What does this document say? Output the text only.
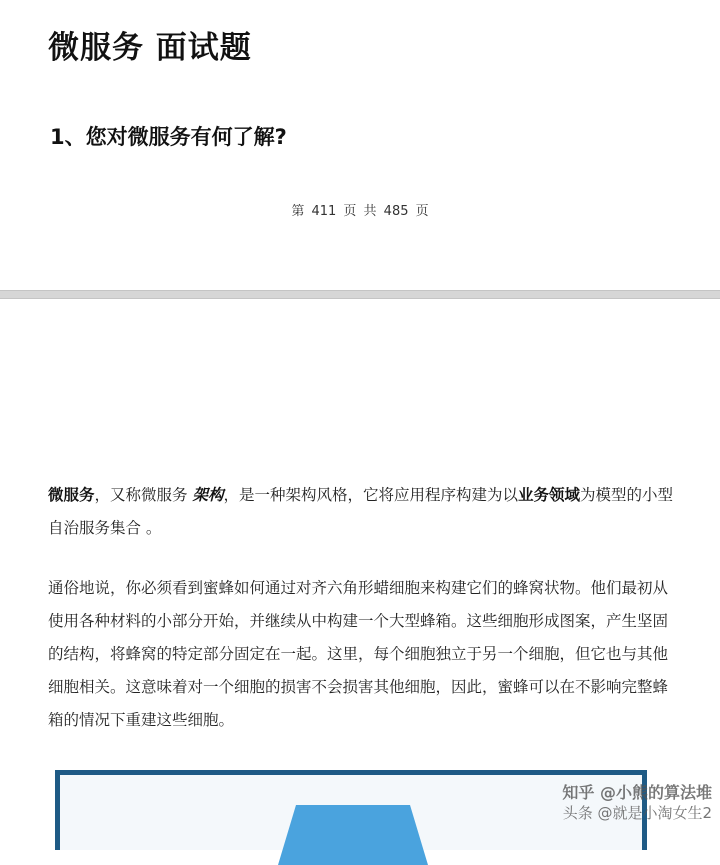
微服务 面试题
1、您对微服务有何了解?
第 411 页 共 485 页

微服务，又称微服务 架构，是一种架构风格，它将应用程序构建为以业务领域为模型的小型自治服务集合 。

通俗地说，你必须看到蜜蜂如何通过对齐六角形蜡细胞来构建它们的蜂窝状物。他们最初从使用各种材料的小部分开始，并继续从中构建一个大型蜂箱。这些细胞形成图案，产生坚固的结构，将蜂窝的特定部分固定在一起。这里，每个细胞独立于另一个细胞，但它也与其他细胞相关。这意味着对一个细胞的损害不会损害其他细胞，因此，蜜蜂可以在不影响完整蜂箱的情况下重建这些细胞。

知乎 @小熊的算法堆
头条 @就是小淘女生2
